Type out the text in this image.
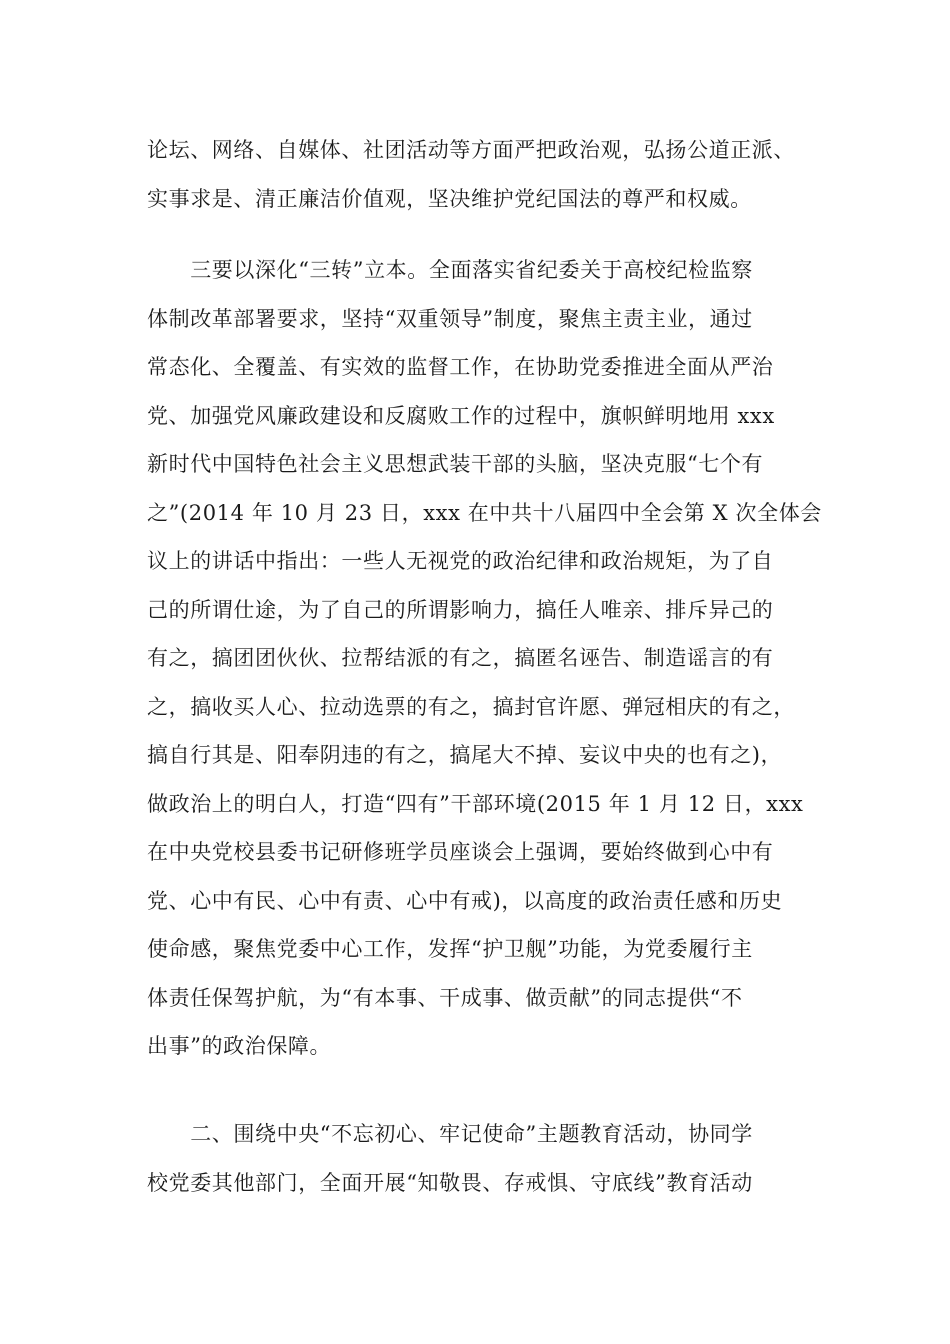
论坛、网络、自媒体、社团活动等方面严把政治观，弘扬公道正派、
实事求是、清正廉洁价值观，坚决维护党纪国法的尊严和权威。
　　三要以深化“三转”立本。全面落实省纪委关于高校纪检监察
体制改革部署要求，坚持“双重领导”制度，聚焦主责主业，通过
常态化、全覆盖、有实效的监督工作，在协助党委推进全面从严治
党、加强党风廉政建设和反腐败工作的过程中，旗帜鲜明地用 xxx
新时代中国特色社会主义思想武装干部的头脑，坚决克服“七个有
之”(2014 年 10 月 23 日，xxx 在中共十八届四中全会第 X 次全体会
议上的讲话中指出：一些人无视党的政治纪律和政治规矩，为了自
己的所谓仕途，为了自己的所谓影响力，搞任人唯亲、排斥异己的
有之，搞团团伙伙、拉帮结派的有之，搞匿名诬告、制造谣言的有
之，搞收买人心、拉动选票的有之，搞封官许愿、弹冠相庆的有之，
搞自行其是、阳奉阴违的有之，搞尾大不掉、妄议中央的也有之)，
做政治上的明白人，打造“四有”干部环境(2015 年 1 月 12 日，xxx
在中央党校县委书记研修班学员座谈会上强调，要始终做到心中有
党、心中有民、心中有责、心中有戒)，以高度的政治责任感和历史
使命感，聚焦党委中心工作，发挥“护卫舰”功能，为党委履行主
体责任保驾护航，为“有本事、干成事、做贡献”的同志提供“不
出事”的政治保障。
　　二、围绕中央“不忘初心、牢记使命”主题教育活动，协同学
校党委其他部门，全面开展“知敬畏、存戒惧、守底线”教育活动
